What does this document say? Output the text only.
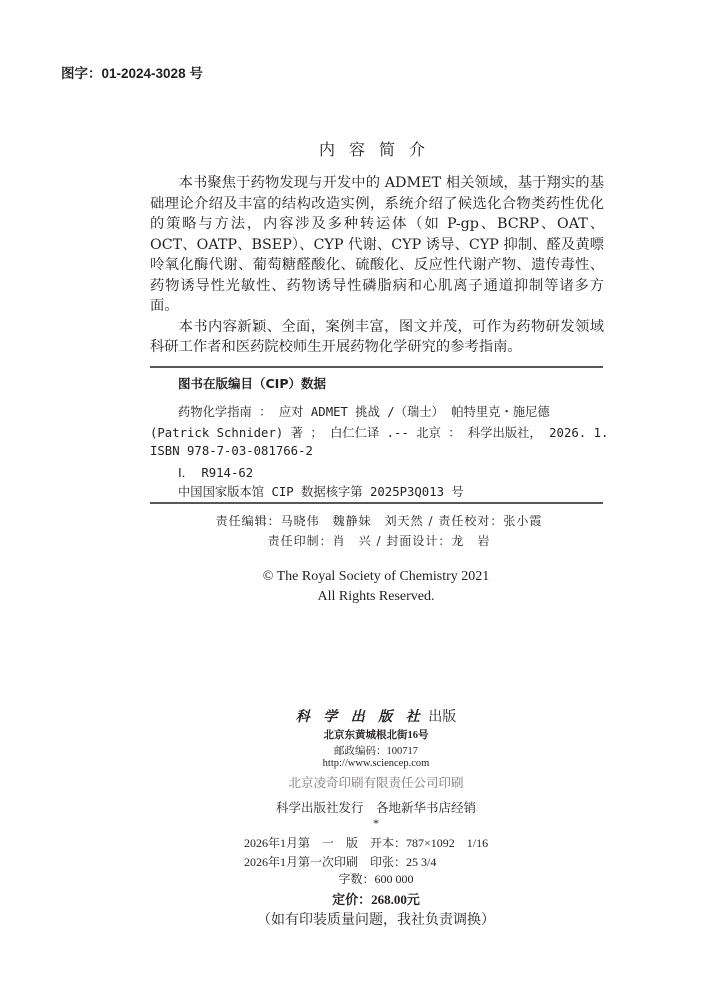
图字：01-2024-3028 号
内容简介

本书聚焦于药物发现与开发中的 ADMET 相关领域，基于翔实的基础理论介绍及丰富的结构改造实例，系统介绍了候选化合物类药性优化的策略与方法，内容涉及多种转运体（如 P-gp、BCRP、OAT、OCT、OATP、BSEP）、CYP 代谢、CYP 诱导、CYP 抑制、醛及黄嘌呤氧化酶代谢、葡萄糖醛酸化、硫酸化、反应性代谢产物、遗传毒性、药物诱导性光敏性、药物诱导性磷脂病和心肌离子通道抑制等诸多方面。

本书内容新颖、全面，案例丰富，图文并茂，可作为药物研发领域科研工作者和医药院校师生开展药物化学研究的参考指南。

图书在版编目（CIP）数据
药物化学指南 ： 应对 ADMET 挑战 /（瑞士） 帕特里克・施尼德
(Patrick Schnider) 著 ； 白仁仁译 .-- 北京 ： 科学出版社， 2026. 1.
ISBN 978-7-03-081766-2
Ⅰ． R914-62
中国国家版本馆 CIP 数据核字第 2025P3Q013 号
责任编辑：马晓伟　魏静妹　刘天然 / 责任校对：张小霞
责任印制：肖　兴 / 封面设计：龙　岩
© The Royal Society of Chemistry 2021
All Rights Reserved.
科 学 出 版 社 出版
北京东黄城根北街16号
邮政编码：100717
http://www.sciencep.com
北京凌奇印刷有限责任公司印刷
科学出版社发行　各地新华书店经销
*
2026年1月第　一　版　开本：787×1092　1/16
2026年1月第一次印刷　印张：25 3/4
字数：600 000
定价：268.00元
（如有印装质量问题，我社负责调换）
